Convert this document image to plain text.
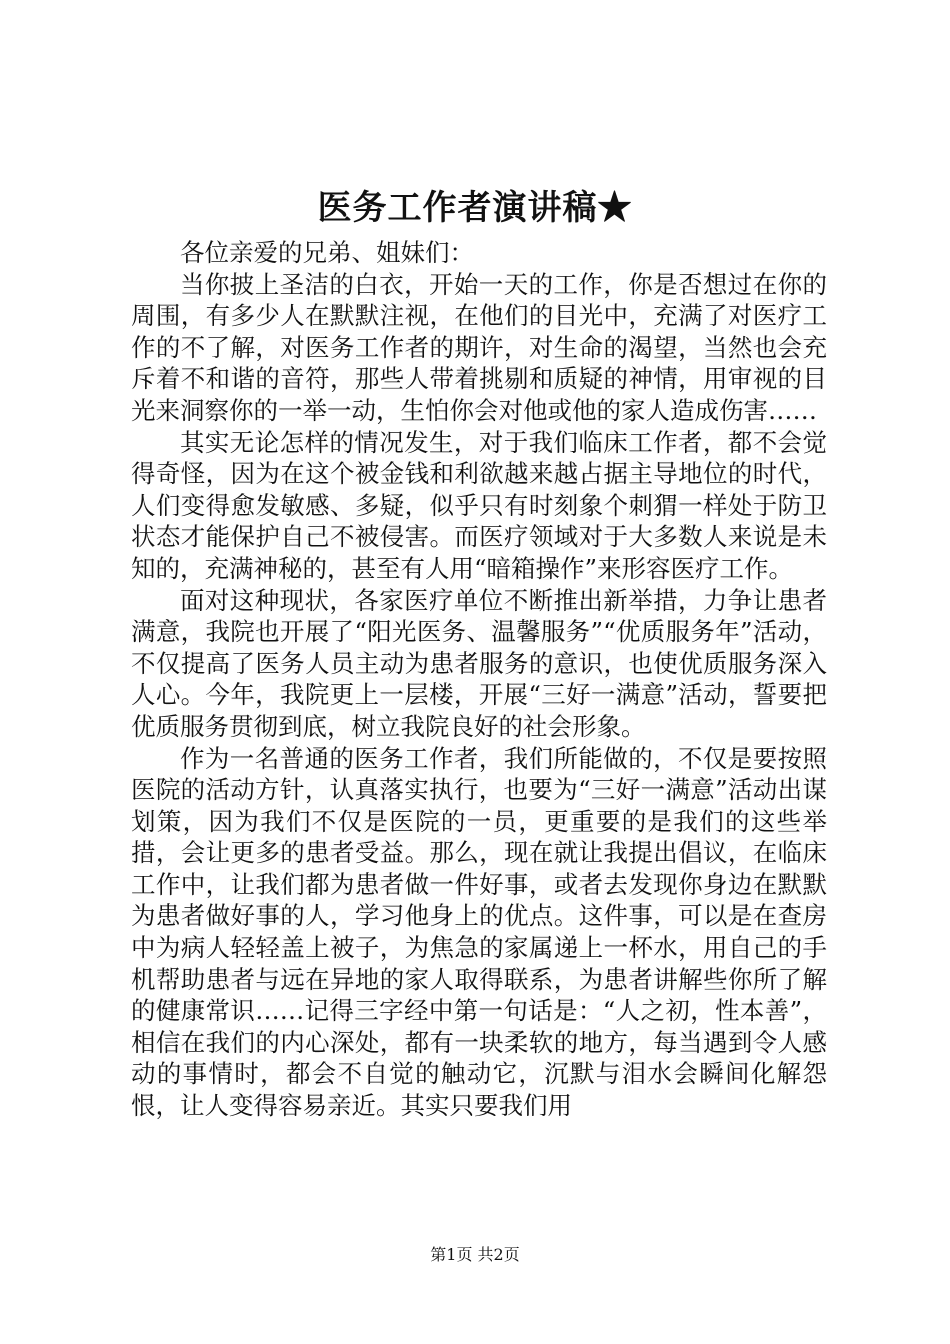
医务工作者演讲稿★

各位亲爱的兄弟、姐妹们：

当你披上圣洁的白衣，开始一天的工作，你是否想过在你的周围，有多少人在默默注视，在他们的目光中，充满了对医疗工作的不了解，对医务工作者的期许，对生命的渴望，当然也会充斥着不和谐的音符，那些人带着挑剔和质疑的神情，用审视的目光来洞察你的一举一动，生怕你会对他或他的家人造成伤害……

其实无论怎样的情况发生，对于我们临床工作者，都不会觉得奇怪，因为在这个被金钱和利欲越来越占据主导地位的时代，人们变得愈发敏感、多疑，似乎只有时刻象个刺猬一样处于防卫状态才能保护自己不被侵害。而医疗领域对于大多数人来说是未知的，充满神秘的，甚至有人用“暗箱操作”来形容医疗工作。

面对这种现状，各家医疗单位不断推出新举措，力争让患者满意，我院也开展了“阳光医务、温馨服务”“优质服务年”活动，不仅提高了医务人员主动为患者服务的意识，也使优质服务深入人心。今年，我院更上一层楼，开展“三好一满意”活动，誓要把优质服务贯彻到底，树立我院良好的社会形象。

作为一名普通的医务工作者，我们所能做的，不仅是要按照医院的活动方针，认真落实执行，也要为“三好一满意”活动出谋划策，因为我们不仅是医院的一员，更重要的是我们的这些举措，会让更多的患者受益。那么，现在就让我提出倡议，在临床工作中，让我们都为患者做一件好事，或者去发现你身边在默默为患者做好事的人，学习他身上的优点。这件事，可以是在查房中为病人轻轻盖上被子，为焦急的家属递上一杯水，用自己的手机帮助患者与远在异地的家人取得联系，为患者讲解些你所了解的健康常识……记得三字经中第一句话是：“人之初，性本善”，相信在我们的内心深处，都有一块柔软的地方，每当遇到令人感动的事情时，都会不自觉的触动它，沉默与泪水会瞬间化解怨恨，让人变得容易亲近。其实只要我们用

第1页 共2页
